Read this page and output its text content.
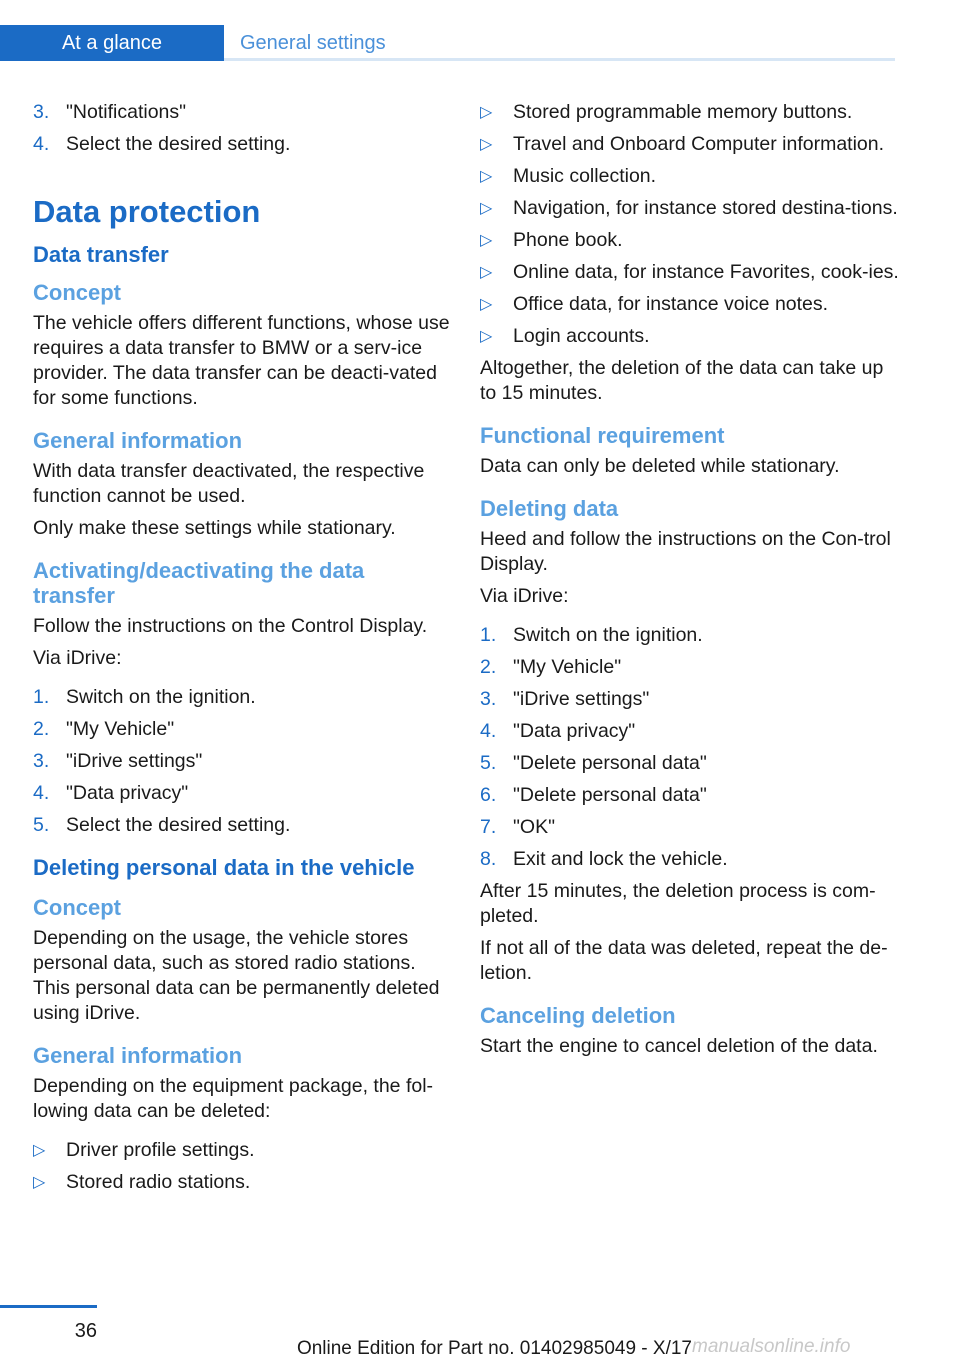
At a glance	General settings
3. "Notifications"
4. Select the desired setting.
Data protection
Data transfer
Concept

The vehicle offers different functions, whose use requires a data transfer to BMW or a serv-ice provider. The data transfer can be deacti-vated for some functions.

General information

With data transfer deactivated, the respective function cannot be used.

Only make these settings while stationary.

Activating/deactivating the data transfer

Follow the instructions on the Control Display.

Via iDrive:

1. Switch on the ignition.
2. "My Vehicle"
3. "iDrive settings"
4. "Data privacy"
5. Select the desired setting.
Deleting personal data in the vehicle
Concept

Depending on the usage, the vehicle stores personal data, such as stored radio stations. This personal data can be permanently deleted using iDrive.

General information

Depending on the equipment package, the fol-lowing data can be deleted:

▷	Driver profile settings.
▷	Stored radio stations.
▷	Stored programmable memory buttons.
▷	Travel and Onboard Computer information.
▷	Music collection.
▷	Navigation, for instance stored destina-tions.
▷	Phone book.
▷	Online data, for instance Favorites, cook-ies.
▷	Office data, for instance voice notes.
▷	Login accounts.

Altogether, the deletion of the data can take up to 15 minutes.

Functional requirement

Data can only be deleted while stationary.

Deleting data

Heed and follow the instructions on the Con-trol Display.

Via iDrive:

1. Switch on the ignition.
2. "My Vehicle"
3. "iDrive settings"
4. "Data privacy"
5. "Delete personal data"
6. "Delete personal data"
7. "OK"
8. Exit and lock the vehicle.

After 15 minutes, the deletion process is com-pleted.

If not all of the data was deleted, repeat the de-letion.

Canceling deletion

Start the engine to cancel deletion of the data.

36
Online Edition for Part no. 01402985049 - X/17 manualsonline.info
